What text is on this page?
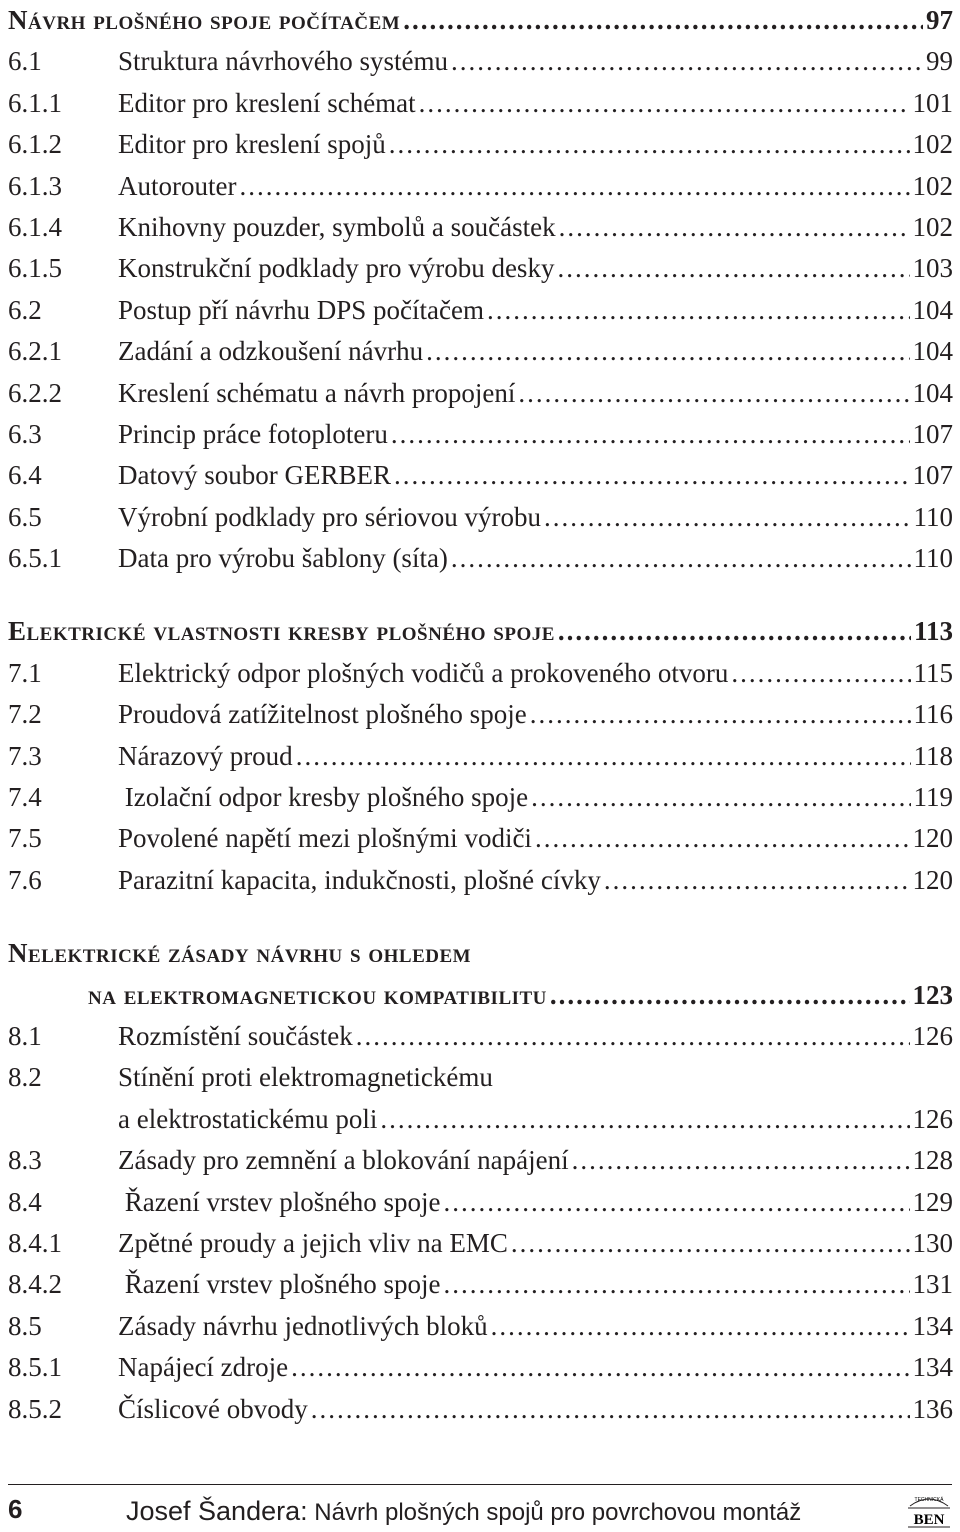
Návrh plošného spoje počítačem .....	97
6.1	Struktura návrhového systému .....	99
6.1.1	Editor pro kreslení schémat .....	101
6.1.2	Editor pro kreslení spojů .....	102
6.1.3	Autorouter .....	102
6.1.4	Knihovny pouzder, symbolů a součástek .....	102
6.1.5	Konstrukční podklady pro výrobu desky .....	103
6.2	Postup pří návrhu DPS počítačem .....	104
6.2.1	Zadání a odzkoušení návrhu .....	104
6.2.2	Kreslení schématu a návrh propojení .....	104
6.3	Princip práce fotoploteru .....	107
6.4	Datový soubor GERBER .....	107
6.5	Výrobní podklady pro sériovou výrobu .....	110
6.5.1	Data pro výrobu šablony (síta) .....	110
Elektrické vlastnosti kresby plošného spoje .....	113
7.1	Elektrický odpor plošných vodičů a prokoveného otvoru .....	115
7.2	Proudová zatížitelnost plošného spoje .....	116
7.3	Nárazový proud .....	118
7.4	Izolační odpor kresby plošného spoje .....	119
7.5	Povolené napětí mezi plošnými vodiči .....	120
7.6	Parazitní kapacita, indukčnosti, plošné cívky .....	120
Nelektrické zásady návrhu s ohledem
na elektromagnetickou kompatibilitu .....	123
8.1	Rozmístění součástek .....	126
8.2	Stínění proti elektromagnetickému
a elektrostatickému poli .....	126
8.3	Zásady pro zemnění a blokování napájení .....	128
8.4	Řazení vrstev plošného spoje .....	129
8.4.1	Zpětné proudy a jejich vliv na EMC .....	130
8.4.2	Řazení vrstev plošného spoje .....	131
8.5	Zásady návrhu jednotlivých bloků .....	134
8.5.1	Napájecí zdroje .....	134
8.5.2	Číslicové obvody .....	136
6	Josef Šandera: Návrh plošných spojů pro povrchovou montáž	TECHNICKÁ
BEN
